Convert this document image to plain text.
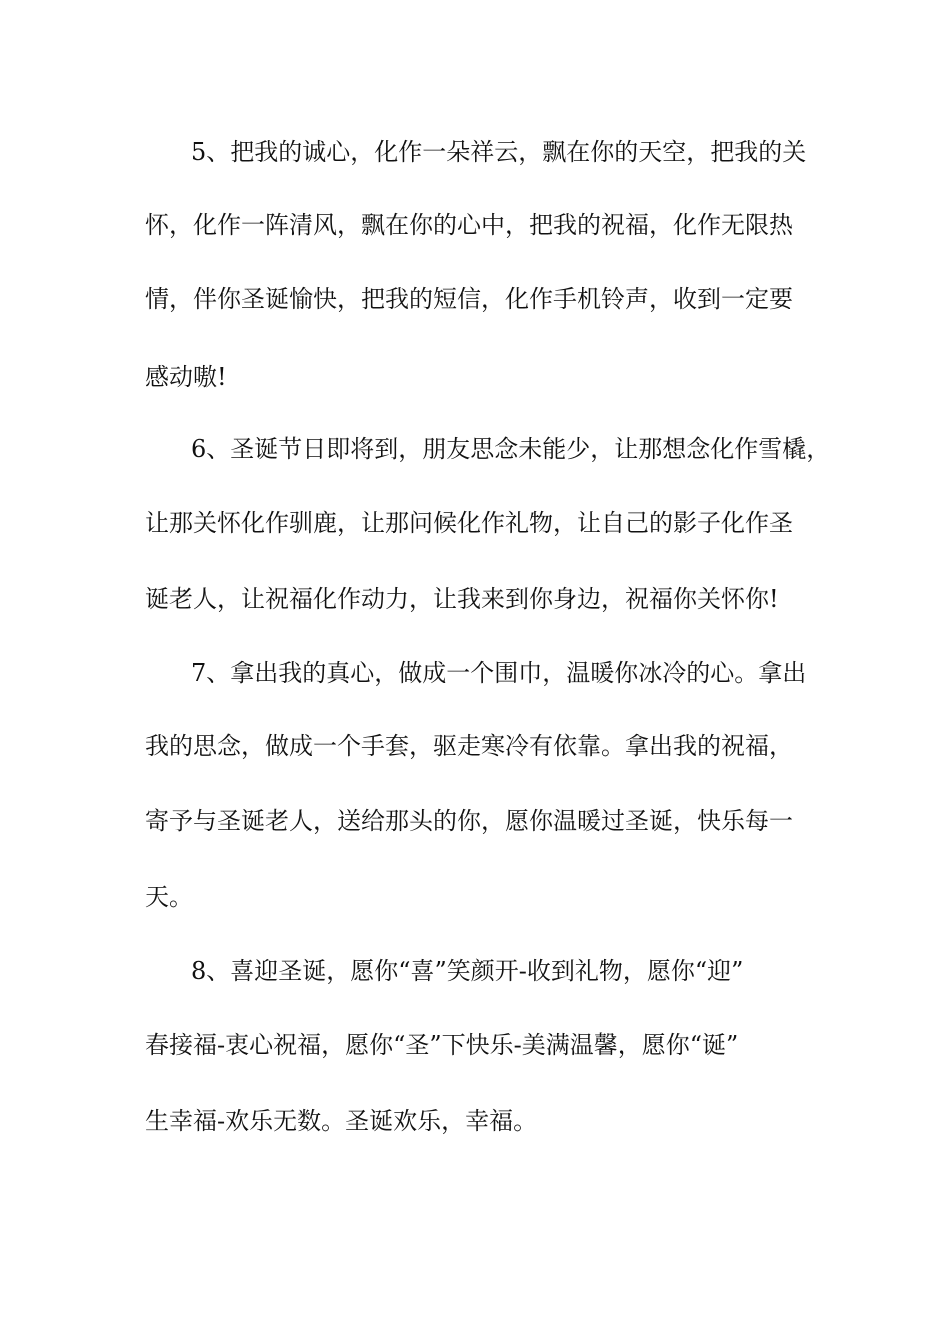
5、把我的诚心，化作一朵祥云，飘在你的天空，把我的关
怀，化作一阵清风，飘在你的心中，把我的祝福，化作无限热
情，伴你圣诞愉快，把我的短信，化作手机铃声，收到一定要
感动嗷!
6、圣诞节日即将到，朋友思念未能少，让那想念化作雪橇，
让那关怀化作驯鹿，让那问候化作礼物，让自己的影子化作圣
诞老人，让祝福化作动力，让我来到你身边，祝福你关怀你!
7、拿出我的真心，做成一个围巾，温暖你冰冷的心。拿出
我的思念，做成一个手套，驱走寒冷有依靠。拿出我的祝福，
寄予与圣诞老人，送给那头的你，愿你温暖过圣诞，快乐每一
天。
8、喜迎圣诞，愿你“喜”笑颜开-收到礼物，愿你“迎”
春接福-衷心祝福，愿你“圣”下快乐-美满温馨，愿你“诞”
生幸福-欢乐无数。圣诞欢乐，幸福。
